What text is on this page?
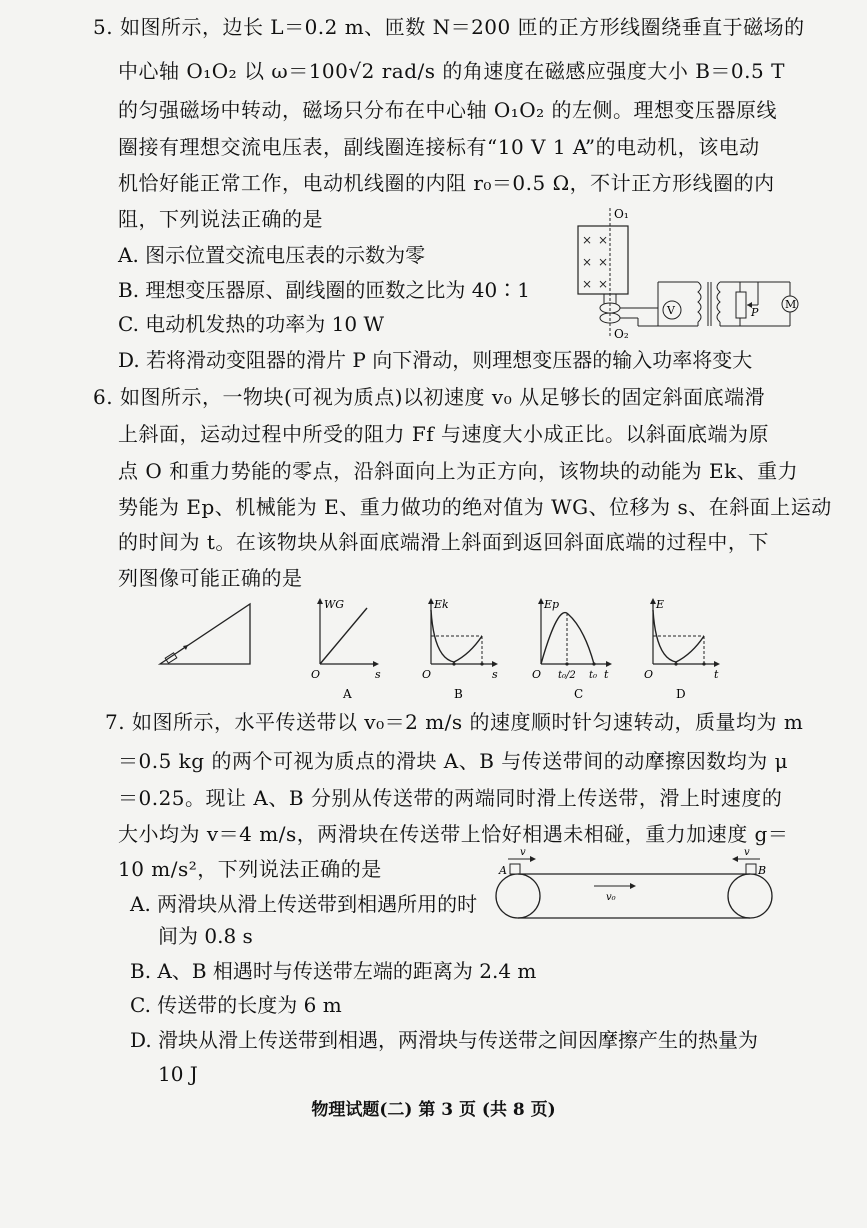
5. 如图所示，边长 L＝0.2 m、匝数 N＝200 匝的正方形线圈绕垂直于磁场的
中心轴 O₁O₂ 以 ω＝100√2 rad/s 的角速度在磁感应强度大小 B＝0.5 T
的匀强磁场中转动，磁场只分布在中心轴 O₁O₂ 的左侧。理想变压器原线
圈接有理想交流电压表，副线圈连接标有“10 V 1 A”的电动机，该电动
机恰好能正常工作，电动机线圈的内阻 r₀＝0.5 Ω，不计正方形线圈的内
阻，下列说法正确的是
A. 图示位置交流电压表的示数为零
B. 理想变压器原、副线圈的匝数之比为 40∶1
C. 电动机发热的功率为 10 W
D. 若将滑动变阻器的滑片 P 向下滑动，则理想变压器的输入功率将变大
O₁
O₂
× ×
× ×
× ×
V	P
M
6. 如图所示，一物块(可视为质点)以初速度 v₀ 从足够长的固定斜面底端滑
上斜面，运动过程中所受的阻力 Ff 与速度大小成正比。以斜面底端为原
点 O 和重力势能的零点，沿斜面向上为正方向，该物块的动能为 Ek、重力
势能为 Ep、机械能为 E、重力做功的绝对值为 WG、位移为 s、在斜面上运动
的时间为 t。在该物块从斜面底端滑上斜面到返回斜面底端的过程中，下
列图像可能正确的是
WG
s
O
A
Ek
s
O
B
Ep
t
O t₀/2 t₀
C
E
t
O
D
7. 如图所示，水平传送带以 v₀＝2 m/s 的速度顺时针匀速转动，质量均为 m
＝0.5 kg 的两个可视为质点的滑块 A、B 与传送带间的动摩擦因数均为 μ
＝0.25。现让 A、B 分别从传送带的两端同时滑上传送带，滑上时速度的
大小均为 v＝4 m/s，两滑块在传送带上恰好相遇未相碰，重力加速度 g＝
10 m/s²，下列说法正确的是
A. 两滑块从滑上传送带到相遇所用的时
间为 0.8 s
B. A、B 相遇时与传送带左端的距离为 2.4 m
C. 传送带的长度为 6 m
D. 滑块从滑上传送带到相遇，两滑块与传送带之间因摩擦产生的热量为
10 J
A	B
v	v
v₀
物理试题(二) 第 3 页 (共 8 页)
